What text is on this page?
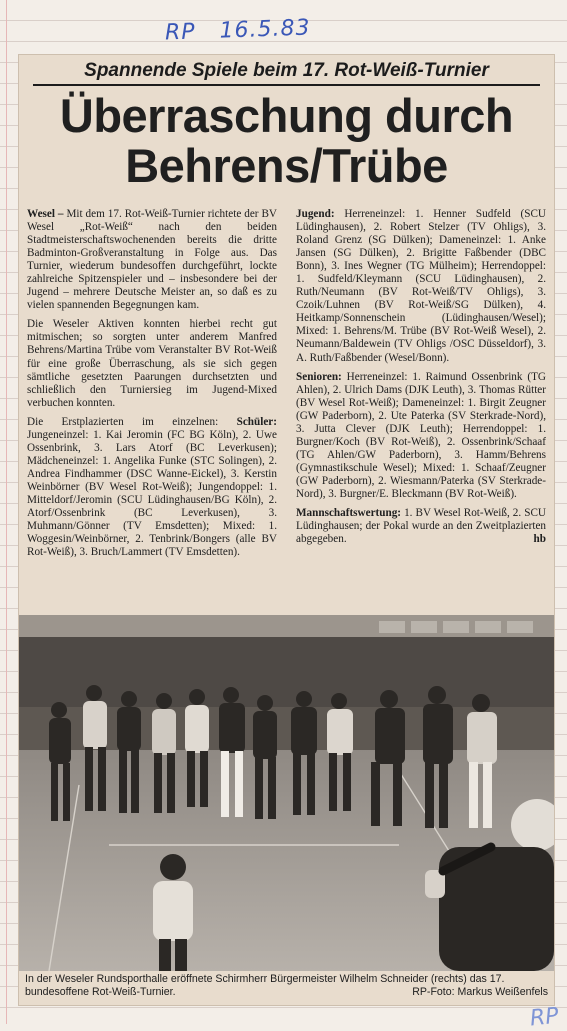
RP 16.5.83
Spannende Spiele beim 17. Rot-Weiß-Turnier
Überraschung durch
Behrens/Trübe

Wesel – Mit dem 17. Rot-Weiß-Turnier richtete der BV Wesel „Rot-Weiß“ nach den beiden Stadtmeisterschaftswochenenden bereits die dritte Badminton-Großveranstaltung in Folge aus. Das Turnier, wiederum bundesoffen durchgeführt, lockte zahlreiche Spitzenspieler und – insbesondere bei der Jugend – mehrere Deutsche Meister an, so daß es zu vielen spannenden Begegnungen kam.

Die Weseler Aktiven konnten hierbei recht gut mitmischen; so sorgten unter anderem Manfred Behrens/Martina Trübe vom Veranstalter BV Rot-Weiß für eine große Überraschung, als sie sich gegen sämtliche gesetzten Paarungen durchsetzten und schließlich den Turniersieg im Jugend-Mixed verbuchen konnten.

Die Erstplazierten im einzelnen: Schüler: Jungeneinzel: 1. Kai Jeromin (FC BG Köln), 2. Uwe Ossenbrink, 3. Lars Atorf (BC Leverkusen); Mädcheneinzel: 1. Angelika Funke (STC Solingen), 2. Andrea Findhammer (DSC Wanne-Eickel), 3. Kerstin Weinbörner (BV Wesel Rot-Weiß); Jungendoppel: 1. Mitteldorf/Jeromin (SCU Lüdinghausen/BG Köln), 2. Atorf/Ossenbrink (BC Leverkusen), 3. Muhmann/Gönner (TV Emsdetten); Mixed: 1. Woggesin/Weinbörner, 2. Tenbrink/Bongers (alle BV Rot-Weiß), 3. Bruch/Lammert (TV Emsdetten).

Jugend: Herreneinzel: 1. Henner Sudfeld (SCU Lüdinghausen), 2. Robert Stelzer (TV Ohligs), 3. Roland Grenz (SG Dülken); Dameneinzel: 1. Anke Jansen (SG Dülken), 2. Brigitte Faßbender (DBC Bonn), 3. Ines Wegner (TG Mülheim); Herrendoppel: 1. Sudfeld/Kleymann (SCU Lüdinghausen), 2. Ruth/Neumann (BV Rot-Weiß/TV Ohligs), 3. Czoik/Luhnen (BV Rot-Weiß/SG Dülken), 4. Heitkamp/Sonnenschein (Lüdinghausen/Wesel); Mixed: 1. Behrens/M. Trübe (BV Rot-Weiß Wesel), 2. Neumann/Baldewein (TV Ohligs /OSC Düsseldorf), 3. A. Ruth/Faßbender (Wesel/Bonn).

Senioren: Herreneinzel: 1. Raimund Ossenbrink (TG Ahlen), 2. Ulrich Dams (DJK Leuth), 3. Thomas Rütter (BV Wesel Rot-Weiß); Dameneinzel: 1. Birgit Zeugner (GW Paderborn), 2. Ute Paterka (SV Sterkrade-Nord), 3. Jutta Clever (DJK Leuth); Herrendoppel: 1. Burgner/Koch (BV Rot-Weiß), 2. Ossenbrink/Schaaf (TG Ahlen/GW Paderborn), 3. Hamm/Behrens (Gymnastikschule Wesel); Mixed: 1. Schaaf/Zeugner (GW Paderborn), 2. Wiesmann/Paterka (SV Sterkrade-Nord), 3. Burgner/E. Bleckmann (BV Rot-Weiß).

Mannschaftswertung: 1. BV Wesel Rot-Weiß, 2. SCU Lüdinghausen; der Pokal wurde an den Zweitplazierten abgegeben.	hb

In der Weseler Rundsporthalle eröffnete Schirmherr Bürgermeister Wilhelm Schneider (rechts) das 17. bundesoffene Rot-Weiß-Turnier.	RP-Foto: Markus Weißenfels
RP
